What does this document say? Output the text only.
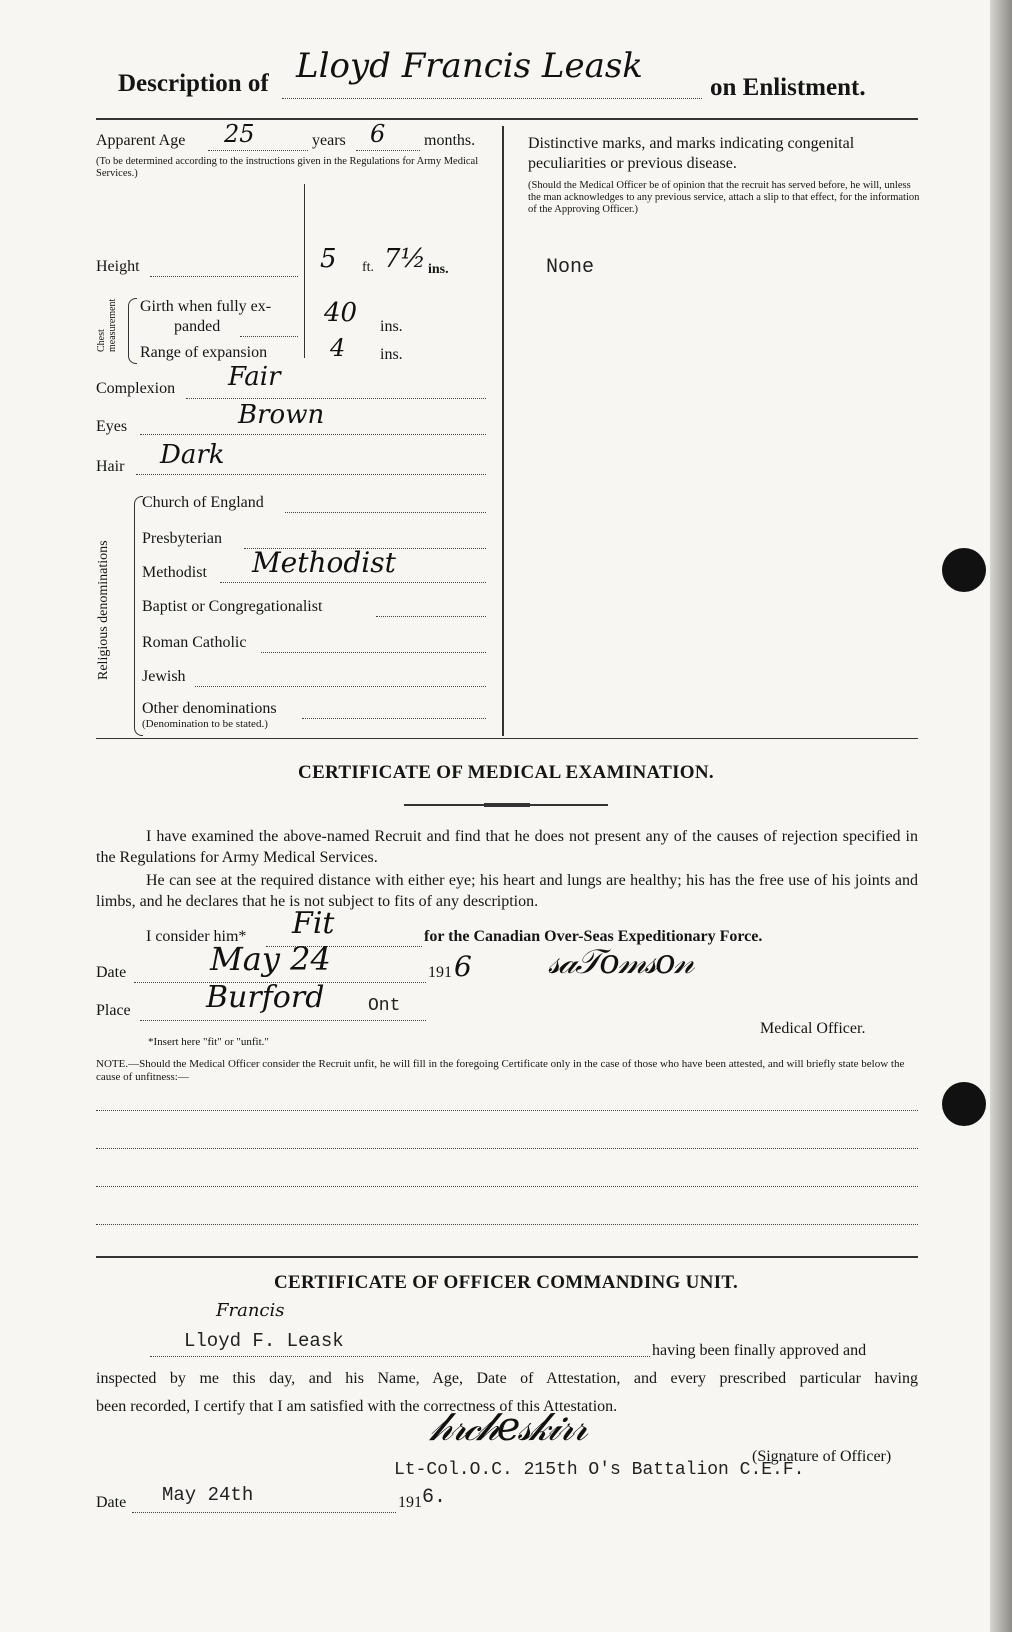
Description of Lloyd Francis Leask
on Enlistment.
Apparent Age 25	years 6 months.
(To be determined according to the instructions given in the Regulations for Army Medical Services.)
Height	5 ft. 7½ ins.
Chest measurement Girth when fully ex-
panded	40 ins.
Range of expansion	4 ins.
Complexion Fair
Eyes	Brown
Hair Dark
Religious denominations
Church of England
Presbyterian
Methodist Methodist
Baptist or Congregationalist
Roman Catholic
Jewish
Other denominations
(Denomination to be stated.)
Distinctive marks, and marks indicating congenital peculiarities or previous disease.
(Should the Medical Officer be of opinion that the recruit has served before, he will, unless the man acknowledges to any previous service, attach a slip to that effect, for the information of the Approving Officer.)
None
CERTIFICATE OF MEDICAL EXAMINATION.
I have examined the above-named Recruit and find that he does not present any of the causes of rejection specified in the Regulations for Army Medical Services.
He can see at the required distance with either eye; his heart and lungs are healthy; his has the free use of his joints and limbs, and he declares that he is not subject to fits of any description.
I consider him* Fit	for the Canadian Over-Seas Expeditionary Force.
Date	May 24	191 6 𝓈𝒶𝒯𝑜𝓂𝓈𝑜𝓃
Place	Burford Ont
Medical Officer.
*Insert here "fit" or "unfit."
NOTE.—Should the Medical Officer consider the Recruit unfit, he will fill in the foregoing Certificate only in the case of those who have been attested, and will briefly state below the cause of unfitness:—
CERTIFICATE OF OFFICER COMMANDING UNIT.
Francis
Lloyd F. Leask	having been finally approved and
inspected by me this day, and his Name, Age, Date of Attestation, and every prescribed particular having
been recorded, I certify that I am satisfied with the correctness of this Attestation.
𝒽𝓇𝒸𝒽𝑒𝓈𝓀𝒾𝓇𝓇
(Signature of Officer)
Lt-Col.O.C. 215th O's Battalion C.E.F.
Date May 24th	191 6.
